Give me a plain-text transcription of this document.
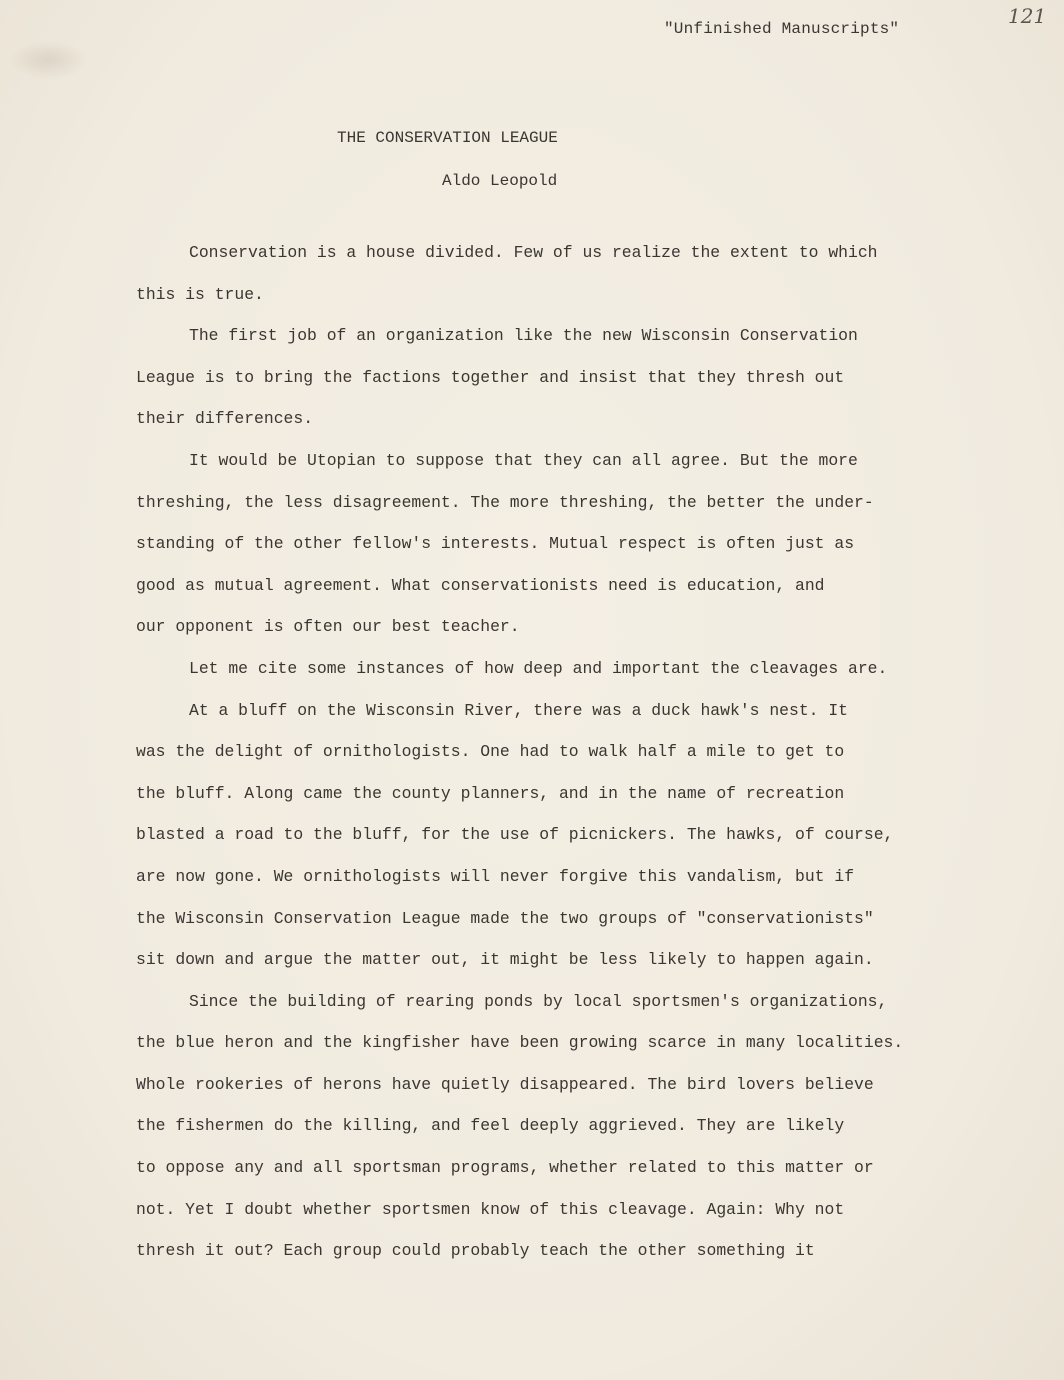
"Unfinished Manuscripts"
121
THE CONSERVATION LEAGUE
Aldo Leopold
Conservation is a house divided. Few of us realize the extent to which
this is true.
The first job of an organization like the new Wisconsin Conservation
League is to bring the factions together and insist that they thresh out
their differences.
It would be Utopian to suppose that they can all agree. But the more
threshing, the less disagreement. The more threshing, the better the under-
standing of the other fellow's interests. Mutual respect is often just as
good as mutual agreement. What conservationists need is education, and
our opponent is often our best teacher.
Let me cite some instances of how deep and important the cleavages are.
At a bluff on the Wisconsin River, there was a duck hawk's nest. It
was the delight of ornithologists. One had to walk half a mile to get to
the bluff. Along came the county planners, and in the name of recreation
blasted a road to the bluff, for the use of picnickers. The hawks, of course,
are now gone. We ornithologists will never forgive this vandalism, but if
the Wisconsin Conservation League made the two groups of "conservationists"
sit down and argue the matter out, it might be less likely to happen again.
Since the building of rearing ponds by local sportsmen's organizations,
the blue heron and the kingfisher have been growing scarce in many localities.
Whole rookeries of herons have quietly disappeared. The bird lovers believe
the fishermen do the killing, and feel deeply aggrieved. They are likely
to oppose any and all sportsman programs, whether related to this matter or
not. Yet I doubt whether sportsmen know of this cleavage. Again: Why not
thresh it out? Each group could probably teach the other something it
